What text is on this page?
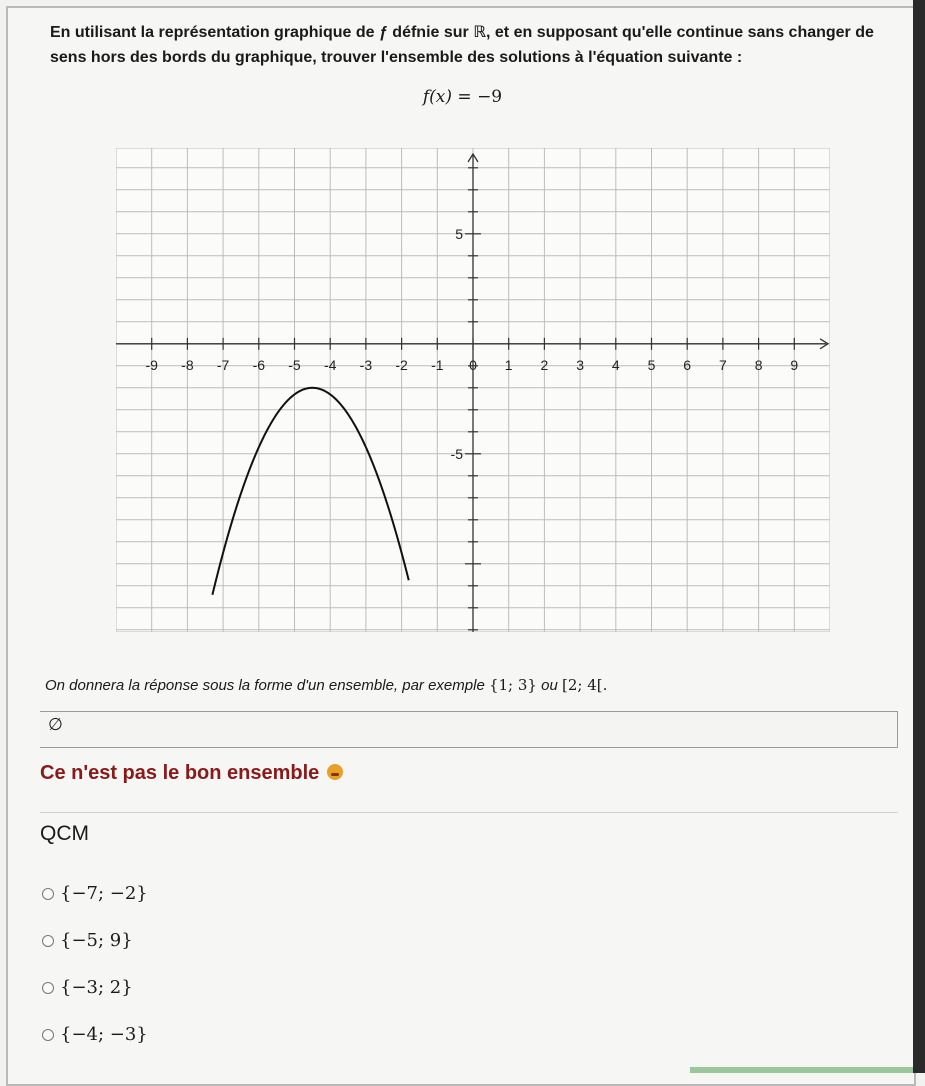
En utilisant la représentation graphique de ƒ défnie sur ℝ, et en supposant qu'elle continue sans changer de
sens hors des bords du graphique, trouver l'ensemble des solutions à l'équation suivante :
f(x) = −9
-9 -8 -7 -6 -5 -4 -3 -2 -1 0 1 2 3 4 5 6 7 8 9
5
-5
On donnera la réponse sous la forme d'un ensemble, par exemple {1; 3} ou [2; 4[.
∅
Ce n'est pas le bon ensemble
QCM
{−7; −2}
{−5; 9}
{−3; 2}
{−4; −3}
